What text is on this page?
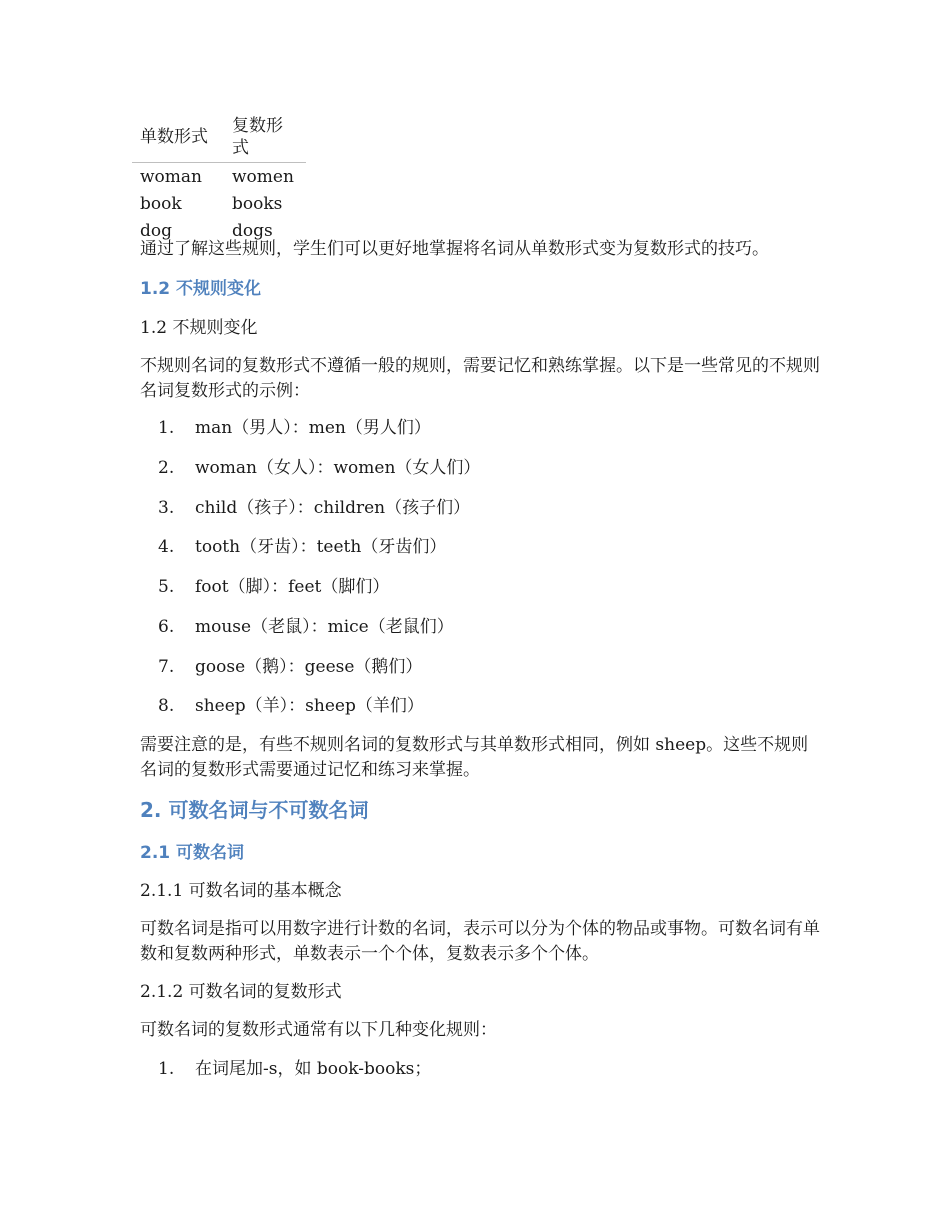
单数形式	复数形式
woman	women
book	books
dog	dogs
通过了解这些规则，学生们可以更好地掌握将名词从单数形式变为复数形式的技巧。
1.2 不规则变化
1.2 不规则变化
不规则名词的复数形式不遵循一般的规则，需要记忆和熟练掌握。以下是一些常见的不规则名词复数形式的示例：
1. man（男人）：men（男人们）
2. woman（女人）：women（女人们）
3. child（孩子）：children（孩子们）
4. tooth（牙齿）：teeth（牙齿们）
5. foot（脚）：feet（脚们）
6. mouse（老鼠）：mice（老鼠们）
7. goose（鹅）：geese（鹅们）
8. sheep（羊）：sheep（羊们）
需要注意的是，有些不规则名词的复数形式与其单数形式相同，例如 sheep。这些不规则名词的复数形式需要通过记忆和练习来掌握。
2. 可数名词与不可数名词
2.1 可数名词
2.1.1 可数名词的基本概念
可数名词是指可以用数字进行计数的名词，表示可以分为个体的物品或事物。可数名词有单数和复数两种形式，单数表示一个个体，复数表示多个个体。
2.1.2 可数名词的复数形式
可数名词的复数形式通常有以下几种变化规则：
1. 在词尾加-s，如 book-books；
